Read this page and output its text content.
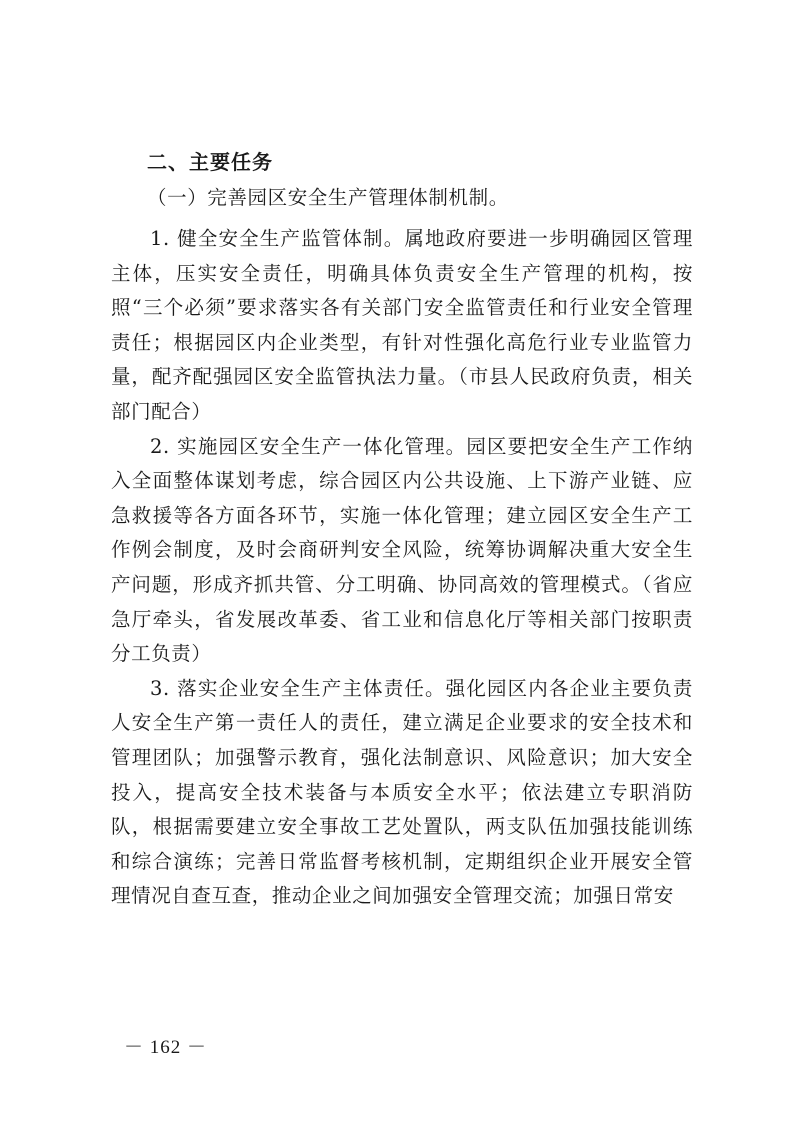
二、主要任务
（一）完善园区安全生产管理体制机制。

1. 健全安全生产监管体制。属地政府要进一步明确园区管理主体，压实安全责任，明确具体负责安全生产管理的机构，按照“三个必须”要求落实各有关部门安全监管责任和行业安全管理责任；根据园区内企业类型，有针对性强化高危行业专业监管力量，配齐配强园区安全监管执法力量。（市县人民政府负责，相关部门配合）

2. 实施园区安全生产一体化管理。园区要把安全生产工作纳入全面整体谋划考虑，综合园区内公共设施、上下游产业链、应急救援等各方面各环节，实施一体化管理；建立园区安全生产工作例会制度，及时会商研判安全风险，统筹协调解决重大安全生产问题，形成齐抓共管、分工明确、协同高效的管理模式。（省应急厅牵头，省发展改革委、省工业和信息化厅等相关部门按职责分工负责）

3. 落实企业安全生产主体责任。强化园区内各企业主要负责人安全生产第一责任人的责任，建立满足企业要求的安全技术和管理团队；加强警示教育，强化法制意识、风险意识；加大安全投入，提高安全技术装备与本质安全水平；依法建立专职消防队，根据需要建立安全事故工艺处置队，两支队伍加强技能训练和综合演练；完善日常监督考核机制，定期组织企业开展安全管理情况自查互查，推动企业之间加强安全管理交流；加强日常安

－ 162 －
